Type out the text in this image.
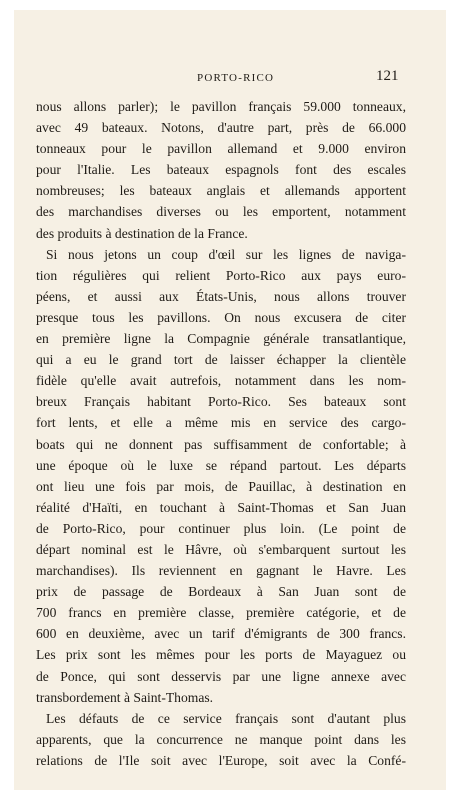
PORTO-RICO	121

nous allons parler); le pavillon français 59.000 tonneaux,
avec 49 bateaux. Notons, d'autre part, près de 66.000
tonneaux pour le pavillon allemand et 9.000 environ
pour l'Italie. Les bateaux espagnols font des escales
nombreuses; les bateaux anglais et allemands apportent
des marchandises diverses ou les emportent, notamment
des produits à destination de la France.

Si nous jetons un coup d'œil sur les lignes de naviga-
tion régulières qui relient Porto-Rico aux pays euro-
péens, et aussi aux États-Unis, nous allons trouver
presque tous les pavillons. On nous excusera de citer
en première ligne la Compagnie générale transatlantique,
qui a eu le grand tort de laisser échapper la clientèle
fidèle qu'elle avait autrefois, notamment dans les nom-
breux Français habitant Porto-Rico. Ses bateaux sont
fort lents, et elle a même mis en service des cargo-
boats qui ne donnent pas suffisamment de confortable; à
une époque où le luxe se répand partout. Les départs
ont lieu une fois par mois, de Pauillac, à destination en
réalité d'Haïti, en touchant à Saint-Thomas et San Juan
de Porto-Rico, pour continuer plus loin. (Le point de
départ nominal est le Hâvre, où s'embarquent surtout les
marchandises). Ils reviennent en gagnant le Havre. Les
prix de passage de Bordeaux à San Juan sont de
700 francs en première classe, première catégorie, et de
600 en deuxième, avec un tarif d'émigrants de 300 francs.
Les prix sont les mêmes pour les ports de Mayaguez ou
de Ponce, qui sont desservis par une ligne annexe avec
transbordement à Saint-Thomas.

Les défauts de ce service français sont d'autant plus
apparents, que la concurrence ne manque point dans les
relations de l'Ile soit avec l'Europe, soit avec la Confé-
